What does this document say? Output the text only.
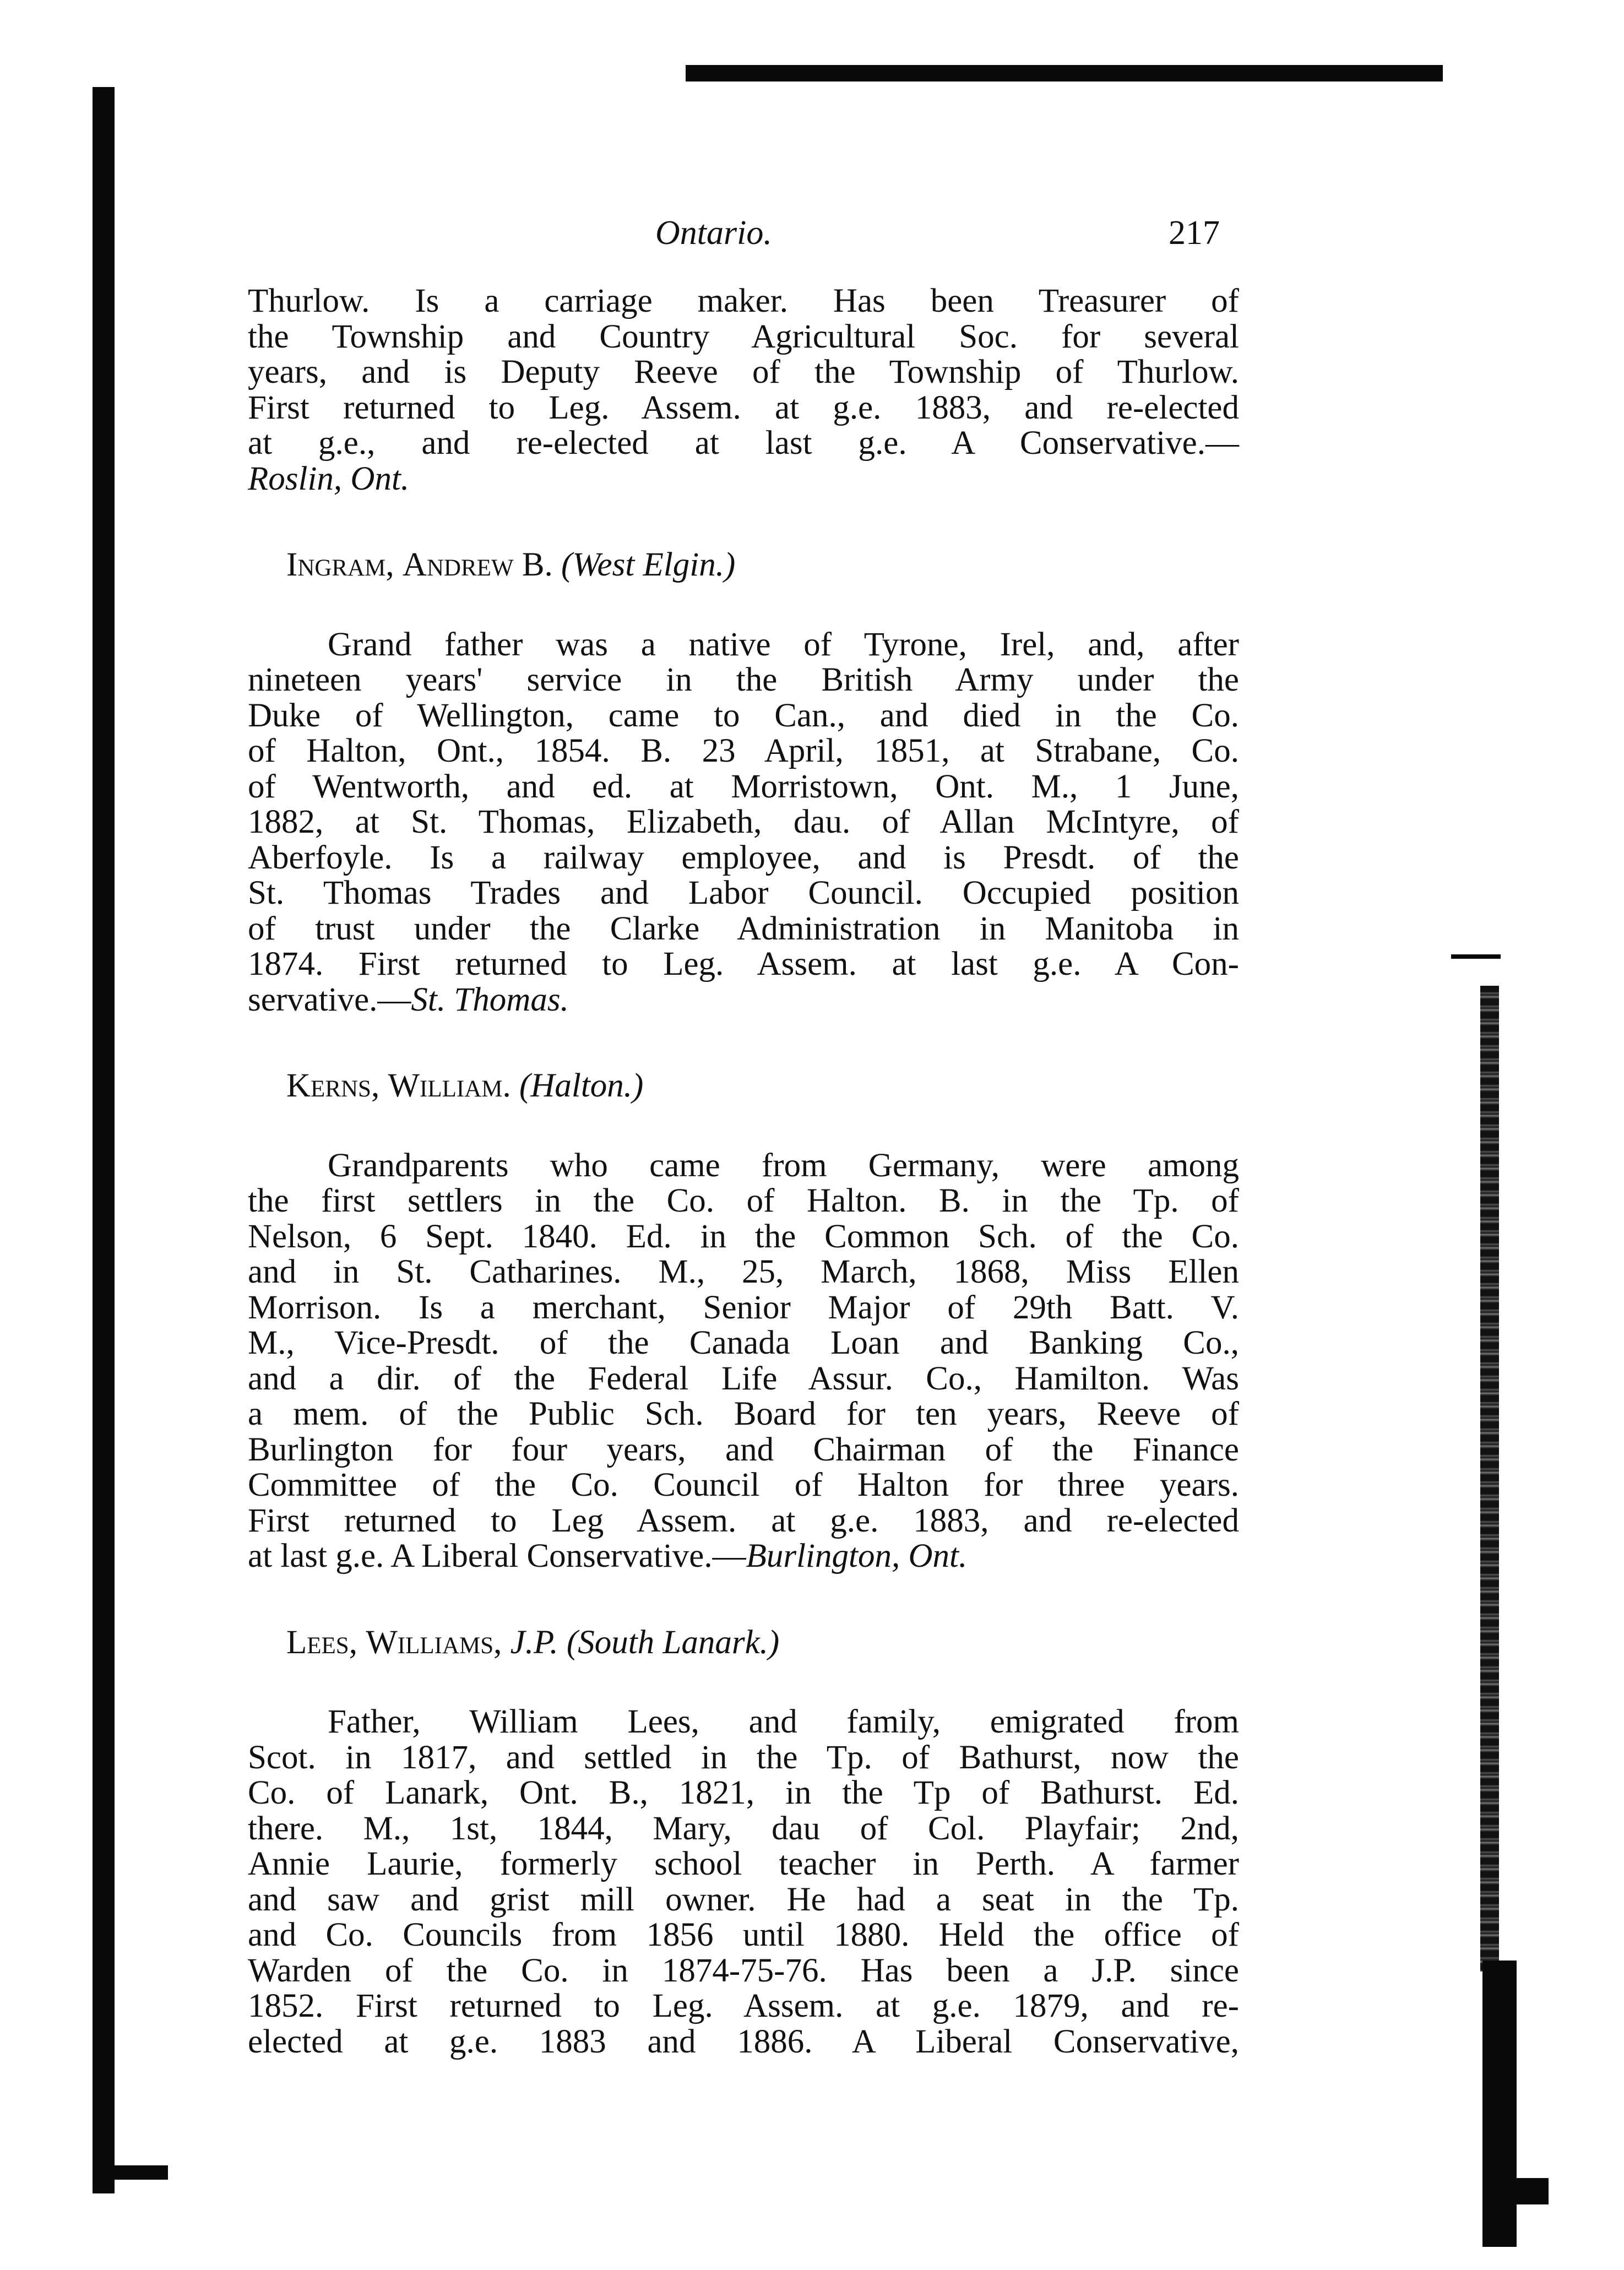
Ontario.	217
Thurlow. Is a carriage maker. Has been Treasurer of
the Township and Country Agricultural Soc. for several
years, and is Deputy Reeve of the Township of Thurlow.
First returned to Leg. Assem. at g.e. 1883, and re-elected
at g.e., and re-elected at last g.e. A Conservative.—
Roslin, Ont.
Ingram, Andrew B. (West Elgin.)
Grand father was a native of Tyrone, Irel, and, after
nineteen years' service in the British Army under the
Duke of Wellington, came to Can., and died in the Co.
of Halton, Ont., 1854. B. 23 April, 1851, at Strabane, Co.
of Wentworth, and ed. at Morristown, Ont. M., 1 June,
1882, at St. Thomas, Elizabeth, dau. of Allan McIntyre, of
Aberfoyle. Is a railway employee, and is Presdt. of the
St. Thomas Trades and Labor Council. Occupied position
of trust under the Clarke Administration in Manitoba in
1874. First returned to Leg. Assem. at last g.e. A Con-
servative.—St. Thomas.
Kerns, William. (Halton.)
Grandparents who came from Germany, were among
the first settlers in the Co. of Halton. B. in the Tp. of
Nelson, 6 Sept. 1840. Ed. in the Common Sch. of the Co.
and in St. Catharines. M., 25, March, 1868, Miss Ellen
Morrison. Is a merchant, Senior Major of 29th Batt. V.
M., Vice-Presdt. of the Canada Loan and Banking Co.,
and a dir. of the Federal Life Assur. Co., Hamilton. Was
a mem. of the Public Sch. Board for ten years, Reeve of
Burlington for four years, and Chairman of the Finance
Committee of the Co. Council of Halton for three years.
First returned to Leg Assem. at g.e. 1883, and re-elected
at last g.e. A Liberal Conservative.—Burlington, Ont.
Lees, Williams, J.P. (South Lanark.)
Father, William Lees, and family, emigrated from
Scot. in 1817, and settled in the Tp. of Bathurst, now the
Co. of Lanark, Ont. B., 1821, in the Tp of Bathurst. Ed.
there. M., 1st, 1844, Mary, dau of Col. Playfair; 2nd,
Annie Laurie, formerly school teacher in Perth. A farmer
and saw and grist mill owner. He had a seat in the Tp.
and Co. Councils from 1856 until 1880. Held the office of
Warden of the Co. in 1874-75-76. Has been a J.P. since
1852. First returned to Leg. Assem. at g.e. 1879, and re-
elected at g.e. 1883 and 1886. A Liberal Conservative,
